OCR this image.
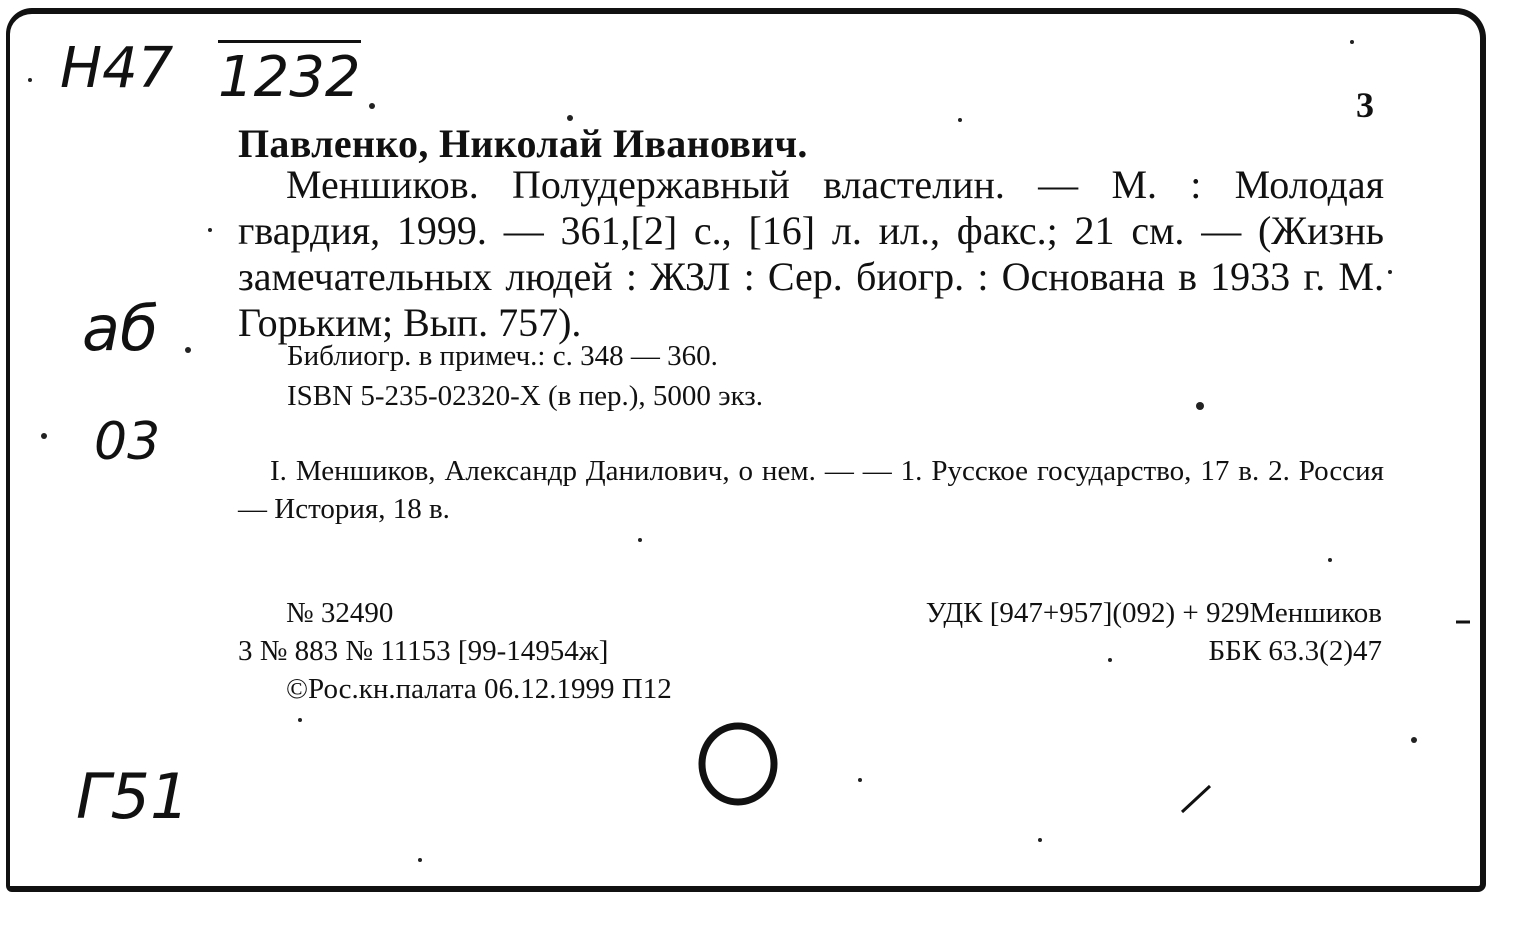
Н47 1232
аб
03
Г51
3
Павленко, Николай Иванович.
Меншиков. Полудержавный властелин. — М. : Молодая гвардия, 1999. — 361,[2] с., [16] л. ил., факс.; 21 см. — (Жизнь замечательных людей : ЖЗЛ : Сер. биогр. : Основана в 1933 г. М. Горьким; Вып. 757).
Библиогр. в примеч.: с. 348 — 360.
ISBN 5-235-02320-X (в пер.), 5000 экз.
I. Меншиков, Александр Данилович, о нем. — — 1. Русское государство, 17 в. 2. Россия — История, 18 в.
№ 32490
3 № 883 № 11153 [99-14954ж]
©Рос.кн.палата 06.12.1999 П12
УДК [947+957](092) + 929Меншиков
ББК 63.3(2)47
